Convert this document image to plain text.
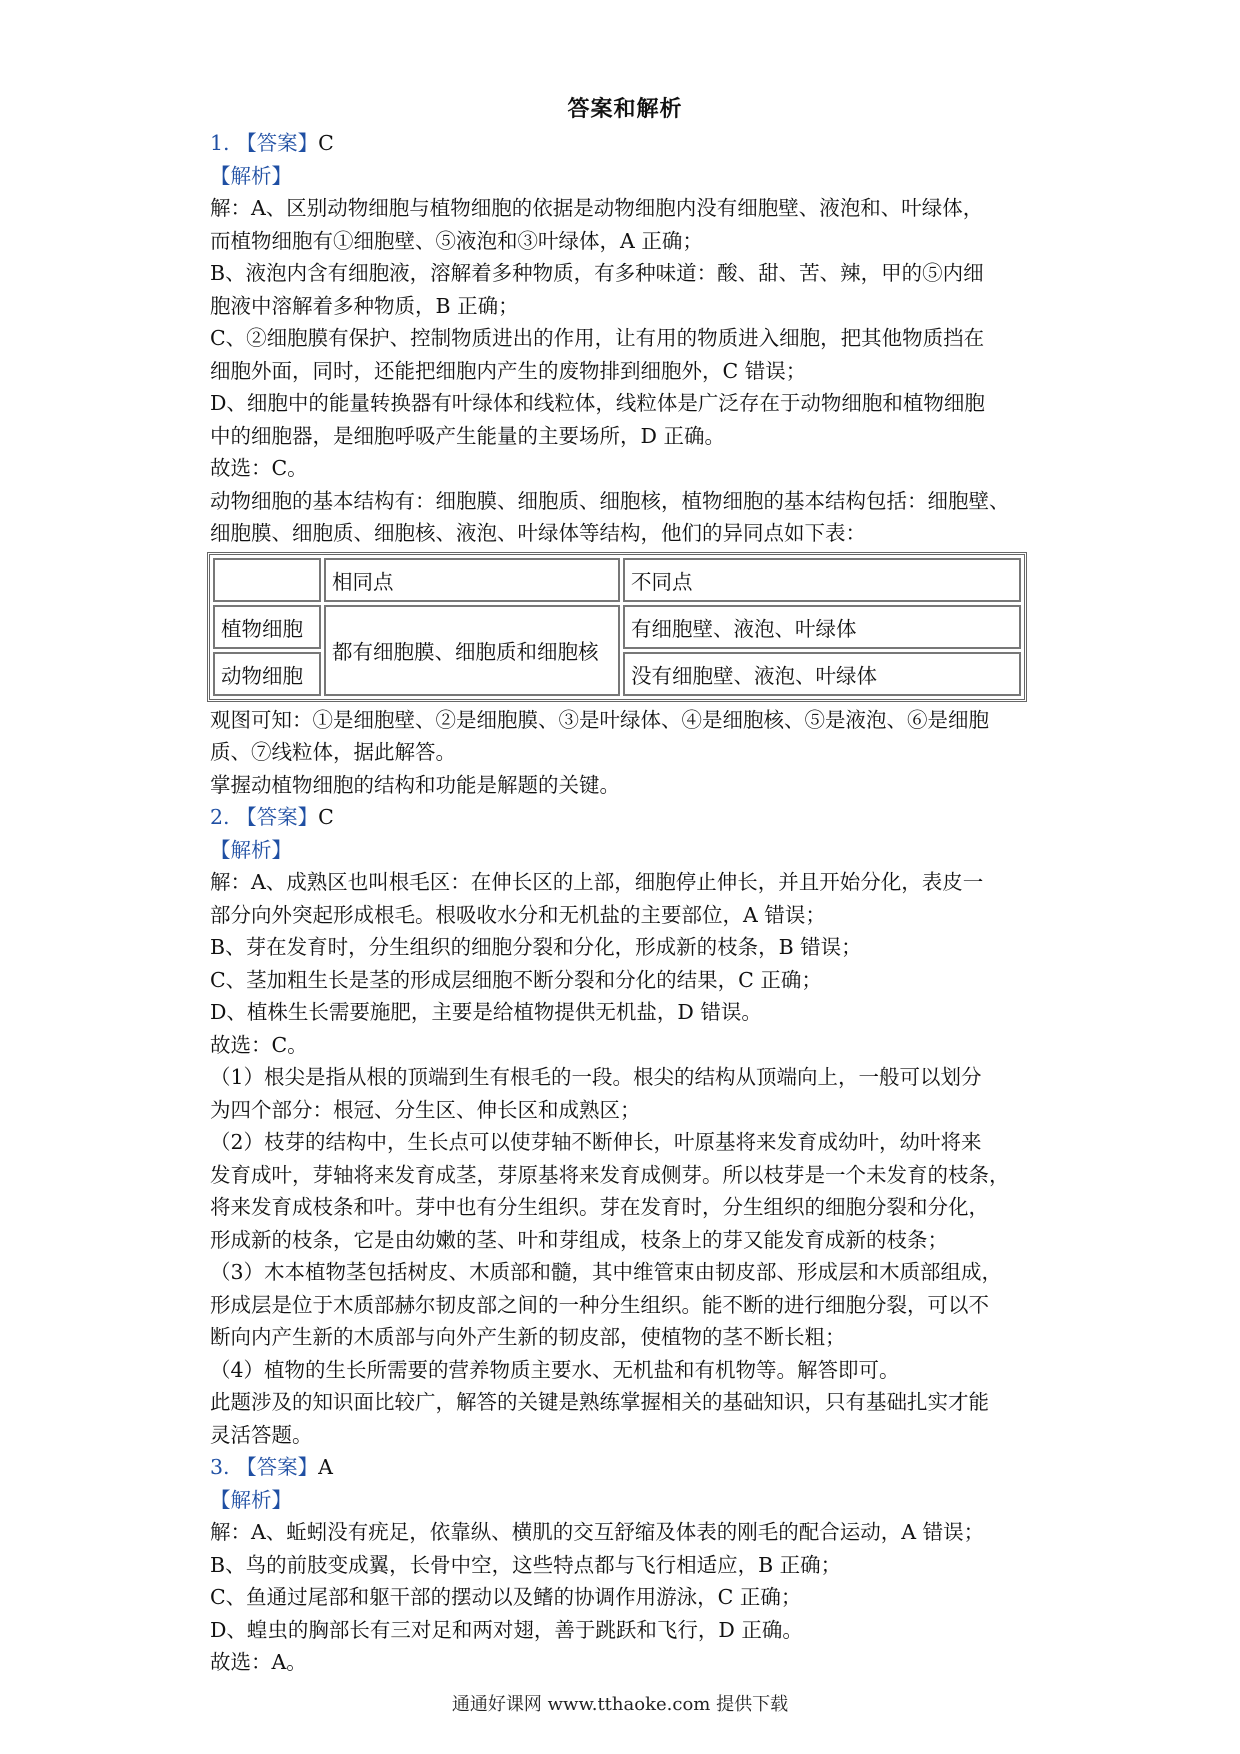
答案和解析

1. 【答案】C

【解析】

解：A、区别动物细胞与植物细胞的依据是动物细胞内没有细胞壁、液泡和、叶绿体，

而植物细胞有①细胞壁、⑤液泡和③叶绿体，A 正确；

B、液泡内含有细胞液，溶解着多种物质，有多种味道：酸、甜、苦、辣，甲的⑤内细

胞液中溶解着多种物质，B 正确；

C、②细胞膜有保护、控制物质进出的作用，让有用的物质进入细胞，把其他物质挡在

细胞外面，同时，还能把细胞内产生的废物排到细胞外，C 错误；

D、细胞中的能量转换器有叶绿体和线粒体，线粒体是广泛存在于动物细胞和植物细胞

中的细胞器，是细胞呼吸产生能量的主要场所，D 正确。

故选：C。

动物细胞的基本结构有：细胞膜、细胞质、细胞核，植物细胞的基本结构包括：细胞壁、

细胞膜、细胞质、细胞核、液泡、叶绿体等结构，他们的异同点如下表：

	相同点	不同点
植物细胞	都有细胞膜、细胞质和细胞核	有细胞壁、液泡、叶绿体
动物细胞		没有细胞壁、液泡、叶绿体

观图可知：①是细胞壁、②是细胞膜、③是叶绿体、④是细胞核、⑤是液泡、⑥是细胞

质、⑦线粒体，据此解答。

掌握动植物细胞的结构和功能是解题的关键。

2. 【答案】C

【解析】

解：A、成熟区也叫根毛区：在伸长区的上部，细胞停止伸长，并且开始分化，表皮一

部分向外突起形成根毛。根吸收水分和无机盐的主要部位，A 错误；

B、芽在发育时，分生组织的细胞分裂和分化，形成新的枝条，B 错误；

C、茎加粗生长是茎的形成层细胞不断分裂和分化的结果，C 正确；

D、植株生长需要施肥，主要是给植物提供无机盐，D 错误。

故选：C。

（1）根尖是指从根的顶端到生有根毛的一段。根尖的结构从顶端向上，一般可以划分

为四个部分：根冠、分生区、伸长区和成熟区；

（2）枝芽的结构中，生长点可以使芽轴不断伸长，叶原基将来发育成幼叶，幼叶将来

发育成叶，芽轴将来发育成茎，芽原基将来发育成侧芽。所以枝芽是一个未发育的枝条，

将来发育成枝条和叶。芽中也有分生组织。芽在发育时，分生组织的细胞分裂和分化，

形成新的枝条，它是由幼嫩的茎、叶和芽组成，枝条上的芽又能发育成新的枝条；

（3）木本植物茎包括树皮、木质部和髓，其中维管束由韧皮部、形成层和木质部组成，

形成层是位于木质部赫尔韧皮部之间的一种分生组织。能不断的进行细胞分裂，可以不

断向内产生新的木质部与向外产生新的韧皮部，使植物的茎不断长粗；

（4）植物的生长所需要的营养物质主要水、无机盐和有机物等。解答即可。

此题涉及的知识面比较广，解答的关键是熟练掌握相关的基础知识，只有基础扎实才能

灵活答题。

3. 【答案】A

【解析】

解：A、蚯蚓没有疣足，依靠纵、横肌的交互舒缩及体表的刚毛的配合运动，A 错误；

B、鸟的前肢变成翼，长骨中空，这些特点都与飞行相适应，B 正确；

C、鱼通过尾部和躯干部的摆动以及鳍的协调作用游泳，C 正确；

D、蝗虫的胸部长有三对足和两对翅，善于跳跃和飞行，D 正确。

故选：A。

通通好课网 www.tthaoke.com 提供下载
